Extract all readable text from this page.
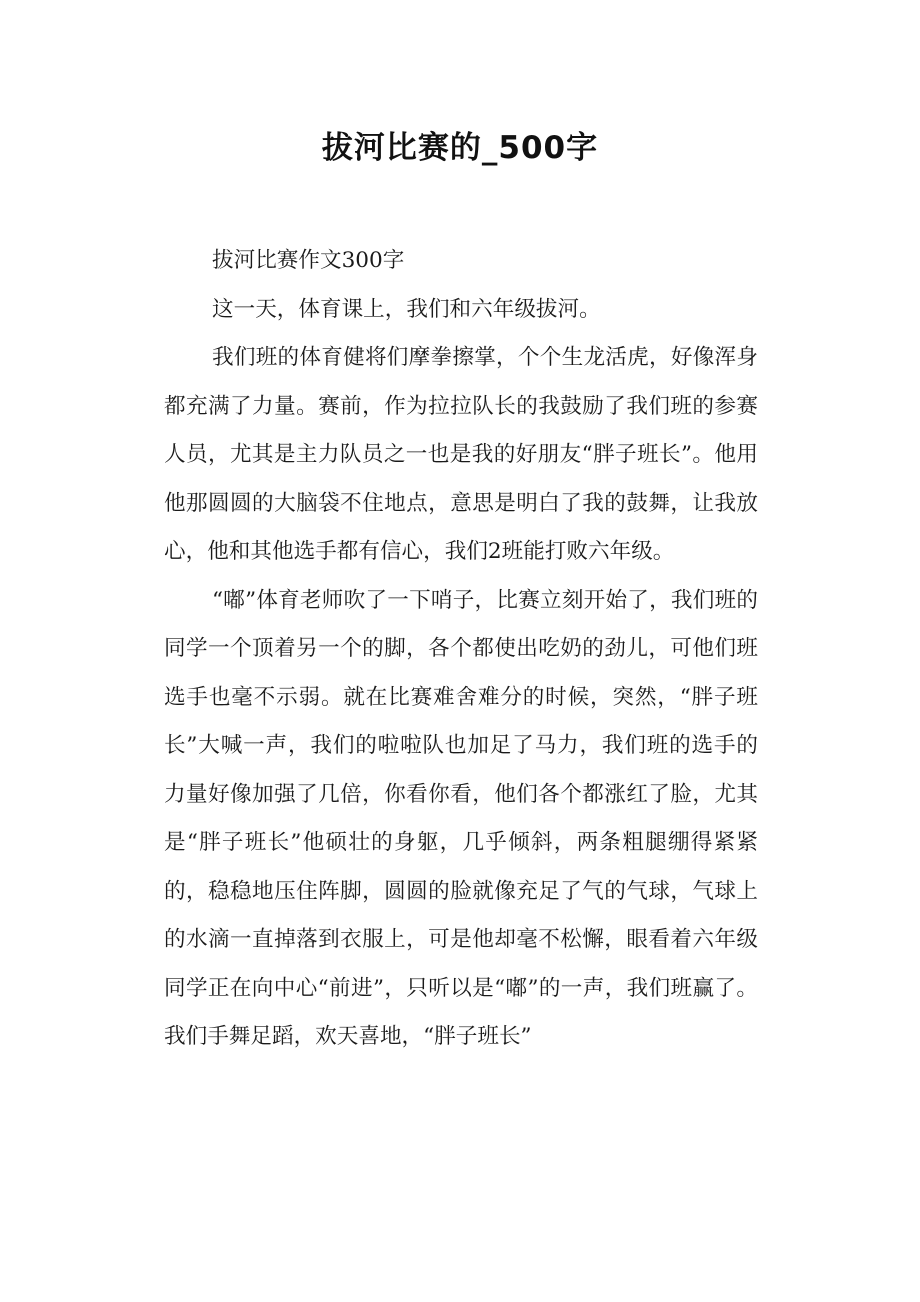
拔河比赛的_500字

拔河比赛作文300字

这一天，体育课上，我们和六年级拔河。

我们班的体育健将们摩拳擦掌，个个生龙活虎，好像浑身都充满了力量。赛前，作为拉拉队长的我鼓励了我们班的参赛人员，尤其是主力队员之一也是我的好朋友“胖子班长”。他用他那圆圆的大脑袋不住地点，意思是明白了我的鼓舞，让我放心，他和其他选手都有信心，我们2班能打败六年级。

“嘟”体育老师吹了一下哨子，比赛立刻开始了，我们班的同学一个顶着另一个的脚，各个都使出吃奶的劲儿，可他们班选手也毫不示弱。就在比赛难舍难分的时候，突然，“胖子班长”大喊一声，我们的啦啦队也加足了马力，我们班的选手的力量好像加强了几倍，你看你看，他们各个都涨红了脸，尤其是“胖子班长”他硕壮的身躯，几乎倾斜，两条粗腿绷得紧紧的，稳稳地压住阵脚，圆圆的脸就像充足了气的气球，气球上的水滴一直掉落到衣服上，可是他却毫不松懈，眼看着六年级同学正在向中心“前进”，只听以是“嘟”的一声，我们班赢了。我们手舞足蹈，欢天喜地，“胖子班长”
